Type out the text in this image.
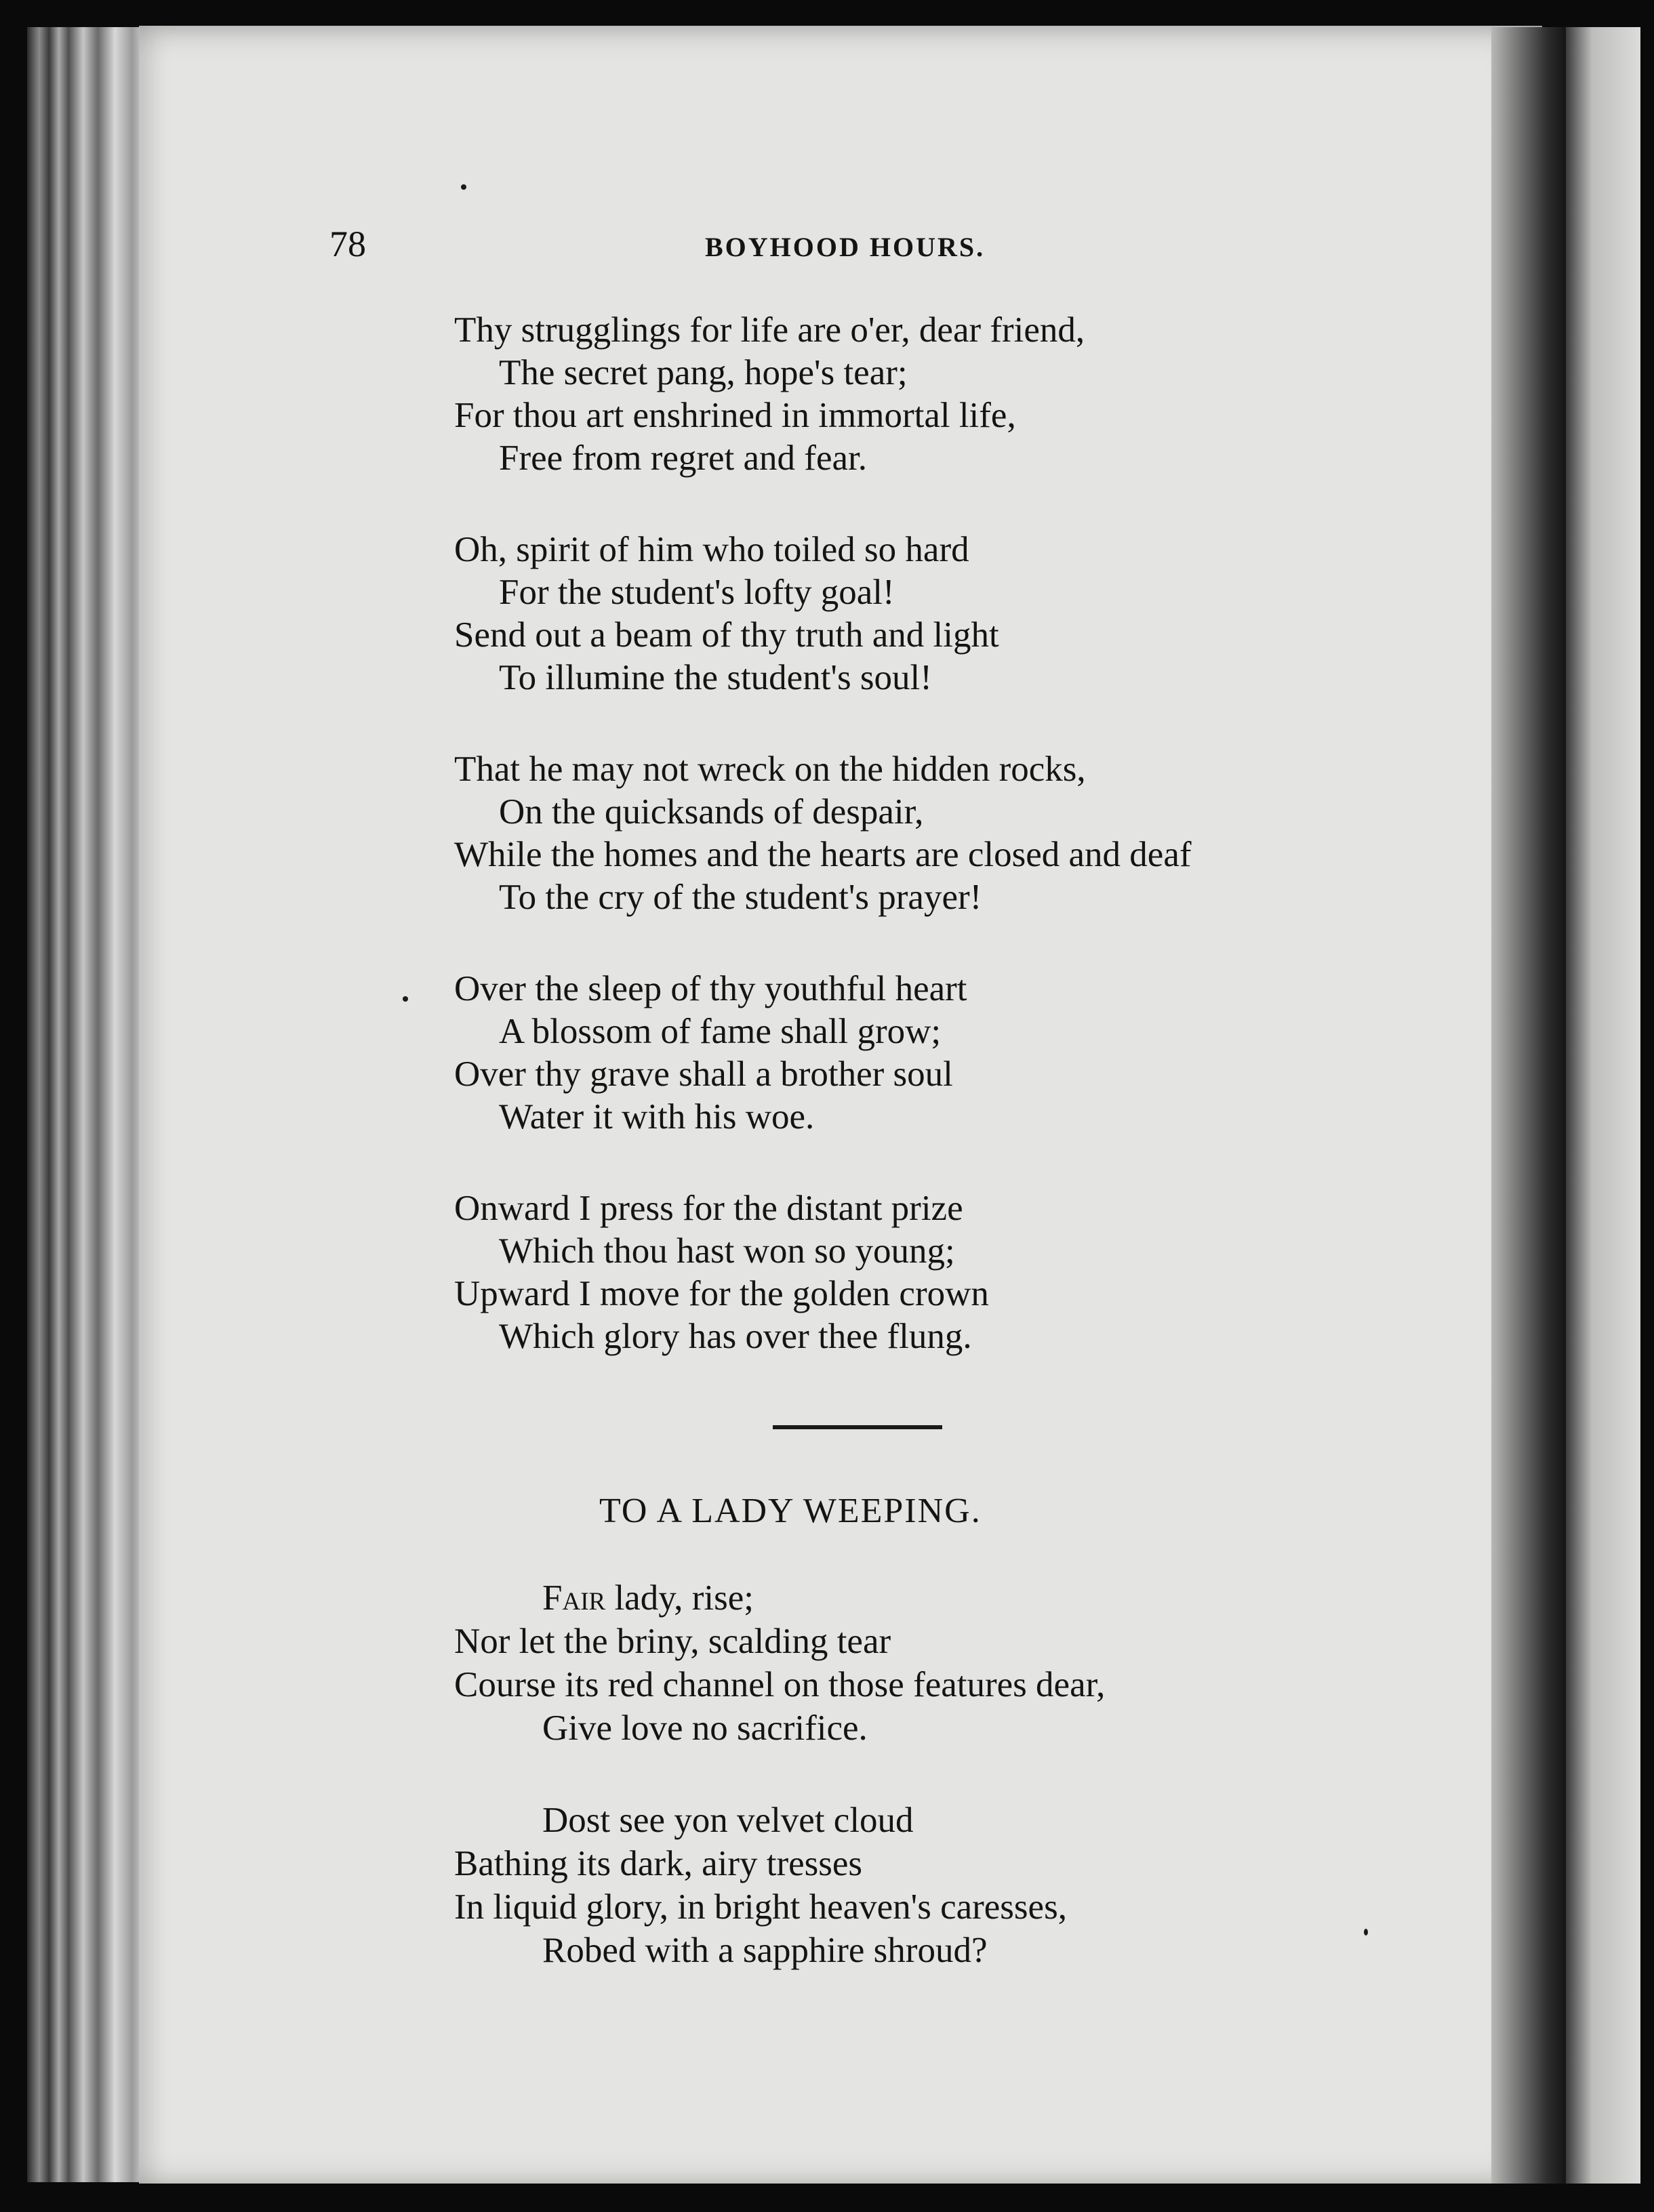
78	BOYHOOD HOURS.
Thy strugglings for life are o'er, dear friend,
The secret pang, hope's tear;
For thou art enshrined in immortal life,
Free from regret and fear.
Oh, spirit of him who toiled so hard
For the student's lofty goal!
Send out a beam of thy truth and light
To illumine the student's soul!
That he may not wreck on the hidden rocks,
On the quicksands of despair,
While the homes and the hearts are closed and deaf
To the cry of the student's prayer!
Over the sleep of thy youthful heart
A blossom of fame shall grow;
Over thy grave shall a brother soul
Water it with his woe.
Onward I press for the distant prize
Which thou hast won so young;
Upward I move for the golden crown
Which glory has over thee flung.
TO A LADY WEEPING.
Fair lady, rise;
Nor let the briny, scalding tear
Course its red channel on those features dear,
Give love no sacrifice.
Dost see yon velvet cloud
Bathing its dark, airy tresses
In liquid glory, in bright heaven's caresses,
Robed with a sapphire shroud?
